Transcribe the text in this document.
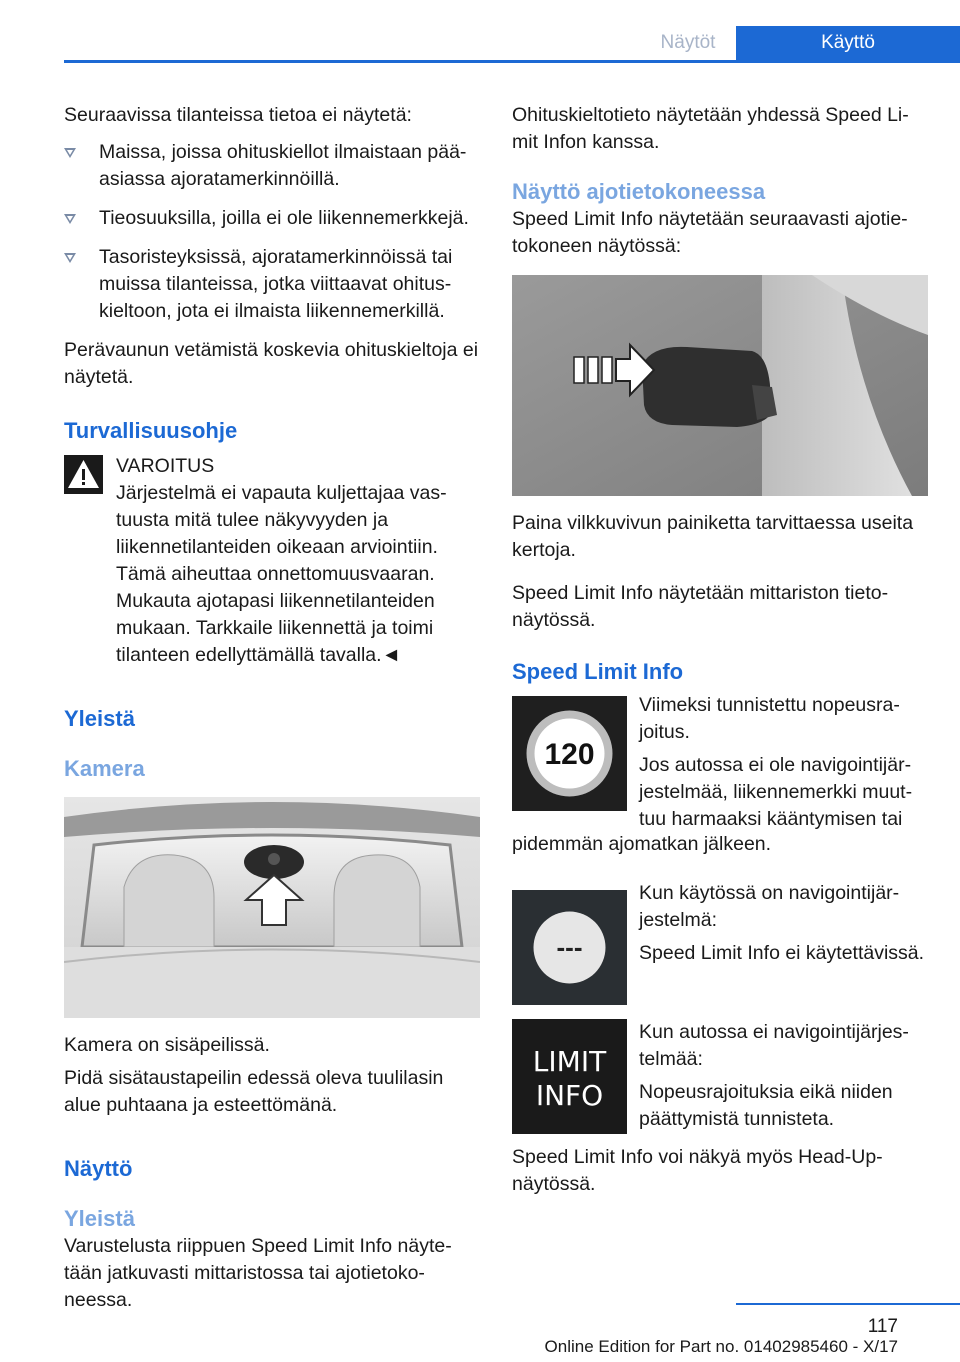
Näytöt	Käyttö

Seuraavissa tilanteissa tietoa ei näytetä:

Maissa, joissa ohituskiellot ilmaistaan pääasiassa ajoratamerkinnöillä.
Tieosuuksilla, joilla ei ole liikennemerkkejä.
Tasoristeyksissä, ajoratamerkinnöissä tai muissa tilanteissa, jotka viittaavat ohituskieltoon, jota ei ilmaista liikennemerkillä.

Perävaunun vetämistä koskevia ohituskieltoja ei näytetä.

Turvallisuusohje

VAROITUS

Järjestelmä ei vapauta kuljettajaa vastuusta mitä tulee näkyvyyden ja liikennetilanteiden oikeaan arviointiin. Tämä aiheuttaa onnettomuusvaaran. Mukauta ajotapasi liikennetilanteiden mukaan. Tarkkaile liikennettä ja toimi tilanteen edellyttämällä tavalla.◄

Yleistä
Kamera

Kamera on sisäpeilissä.

Pidä sisätaustapeilin edessä oleva tuulilasin alue puhtaana ja esteettömänä.

Näyttö
Yleistä

Varustelusta riippuen Speed Limit Info näytetään jatkuvasti mittaristossa tai ajotietokoneessa.

Ohituskieltotieto näytetään yhdessä Speed Limit Infon kanssa.

Näyttö ajotietokoneessa

Speed Limit Info näytetään seuraavasti ajotietokoneen näytössä:

Paina vilkkuvivun painiketta tarvittaessa useita kertoja.

Speed Limit Info näytetään mittariston tietonäytössä.

Speed Limit Info
120

Viimeksi tunnistettu nopeusrajoitus.

Jos autossa ei ole navigointijärjestelmää, liikennemerkki muuttuu harmaaksi kääntymisen tai

pidemmän ajomatkan jälkeen.

---

Kun käytössä on navigointijärjestelmä:

Speed Limit Info ei käytettävissä.

LIMIT
INFO

Kun autossa ei navigointijärjestelmää:

Nopeusrajoituksia eikä niiden päättymistä tunnisteta.

Speed Limit Info voi näkyä myös Head-Up-näytössä.

117
Online Edition for Part no. 01402985460 - X/17
Seite 117
